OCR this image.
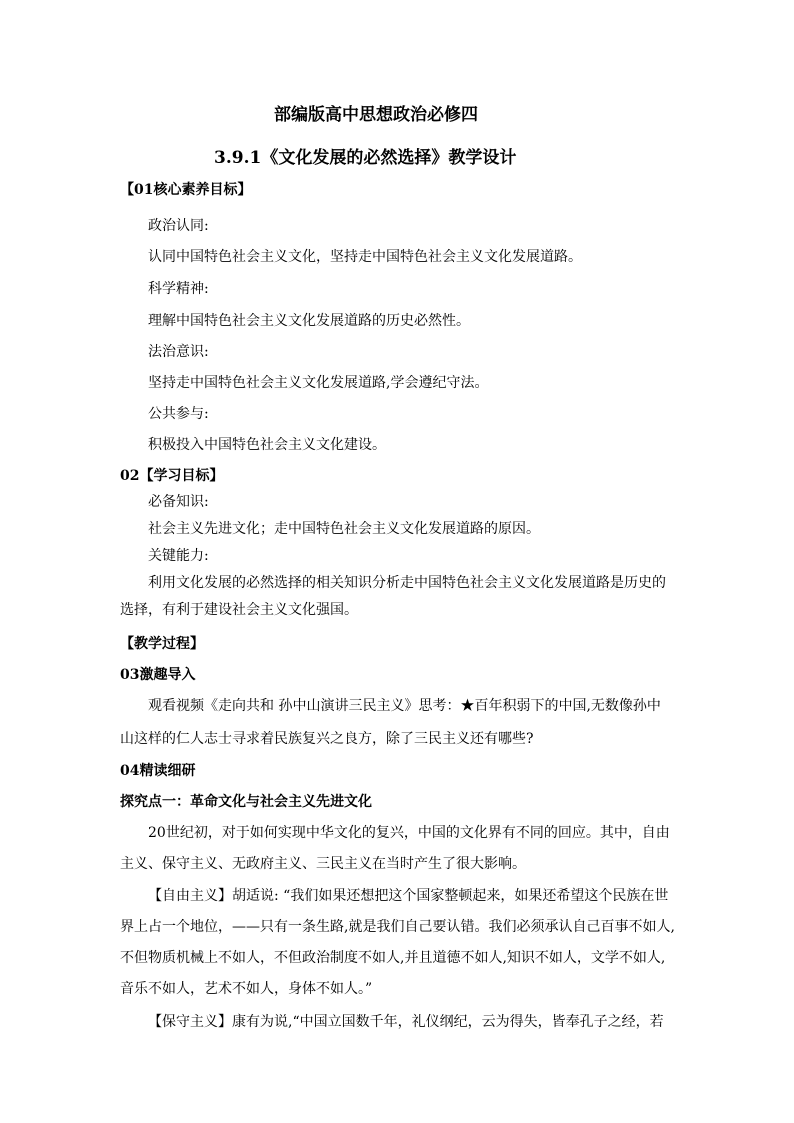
部编版高中思想政治必修四
3.9.1《文化发展的必然选择》教学设计
【01核心素养目标】
政治认同:
认同中国特色社会主义文化，坚持走中国特色社会主义文化发展道路。
科学精神:
理解中国特色社会主义文化发展道路的历史必然性。
法治意识:
坚持走中国特色社会主义文化发展道路,学会遵纪守法。
公共参与:
积极投入中国特色社会主义文化建设。
02【学习目标】
必备知识:
社会主义先进文化；走中国特色社会主义文化发展道路的原因。
关键能力:
利用文化发展的必然选择的相关知识分析走中国特色社会主义文化发展道路是历史的
选择，有利于建设社会主义文化强国。
【教学过程】
03激趣导入
观看视频《走向共和 孙中山演讲三民主义》思考：★百年积弱下的中国,无数像孙中
山这样的仁人志士寻求着民族复兴之良方，除了三民主义还有哪些?
04精读细研
探究点一：革命文化与社会主义先进文化
20世纪初，对于如何实现中华文化的复兴，中国的文化界有不同的回应。其中，自由
主义、保守主义、无政府主义、三民主义在当时产生了很大影响。
【自由主义】胡适说: “我们如果还想把这个国家整顿起来，如果还希望这个民族在世
界上占一个地位，——只有一条生路,就是我们自己要认错。我们必须承认自己百事不如人,
不但物质机械上不如人，不但政治制度不如人,并且道德不如人,知识不如人，文学不如人,
音乐不如人，艺术不如人，身体不如人。”
【保守主义】康有为说,“中国立国数千年，礼仪纲纪，云为得失，皆奉孔子之经，若
